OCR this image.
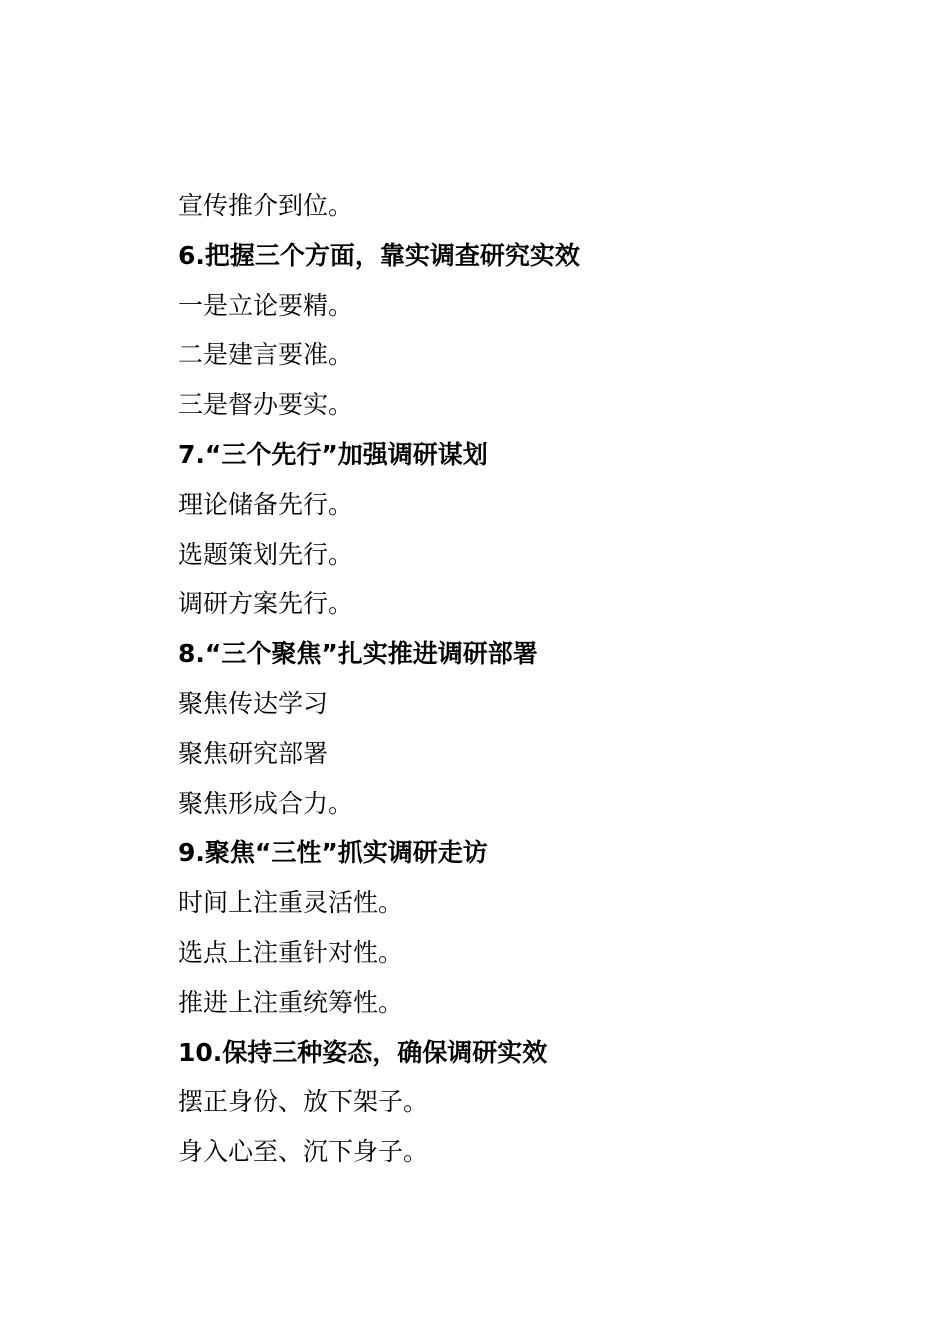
宣传推介到位。
6.把握三个方面，靠实调查研究实效
一是立论要精。
二是建言要准。
三是督办要实。
7.“三个先行”加强调研谋划
理论储备先行。
选题策划先行。
调研方案先行。
8.“三个聚焦”扎实推进调研部署
聚焦传达学习
聚焦研究部署
聚焦形成合力。
9.聚焦“三性”抓实调研走访
时间上注重灵活性。
选点上注重针对性。
推进上注重统筹性。
10.保持三种姿态，确保调研实效
摆正身份、放下架子。
身入心至、沉下身子。
